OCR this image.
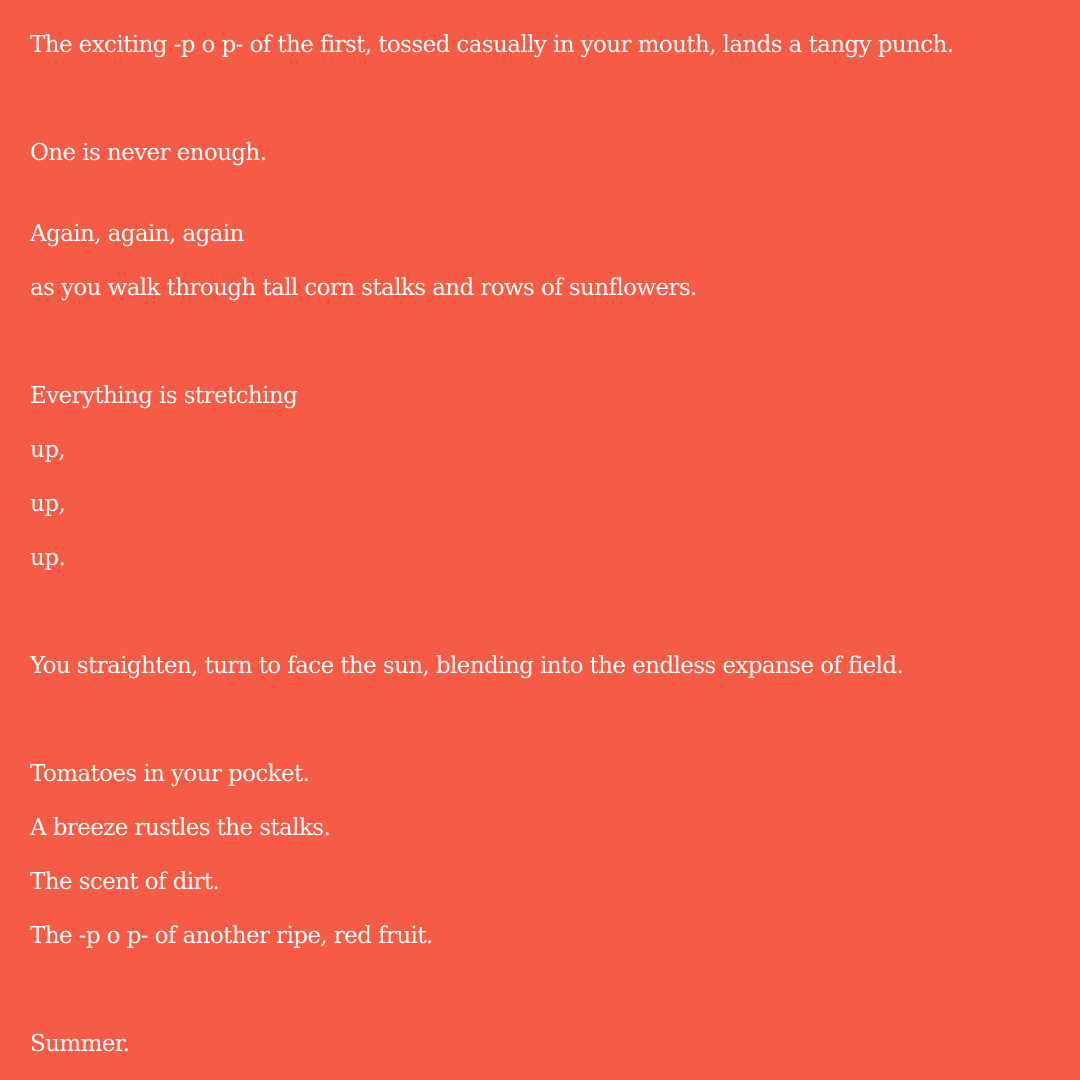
The exciting -p o p- of the first, tossed casually in your mouth, lands a tangy punch.

One is never enough.

Again, again, again

as you walk through tall corn stalks and rows of sunflowers.

Everything is stretching

up,

up,

up.

You straighten, turn to face the sun, blending into the endless expanse of field.

Tomatoes in your pocket.

A breeze rustles the stalks.

The scent of dirt.

The -p o p- of another ripe, red fruit.

Summer.
